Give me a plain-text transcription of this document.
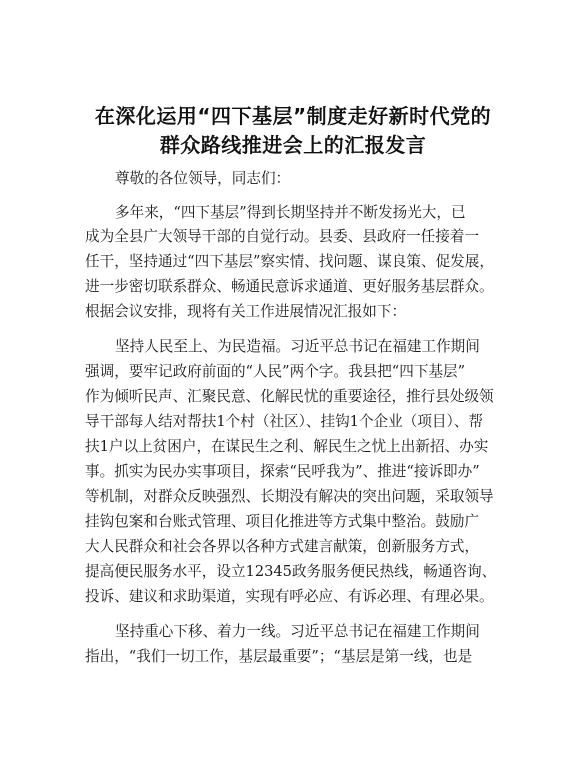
在深化运用“四下基层”制度走好新时代党的
群众路线推进会上的汇报发言

尊敬的各位领导，同志们：

多年来，“四下基层”得到长期坚持并不断发扬光大，已

成为全县广大领导干部的自觉行动。县委、县政府一任接着一

任干，坚持通过“四下基层”察实情、找问题、谋良策、促发展，

进一步密切联系群众、畅通民意诉求通道、更好服务基层群众。

根据会议安排，现将有关工作进展情况汇报如下：

坚持人民至上、为民造福。习近平总书记在福建工作期间

强调，要牢记政府前面的“人民”两个字。我县把“四下基层”

作为倾听民声、汇聚民意、化解民忧的重要途径，推行县处级领

导干部每人结对帮扶1个村（社区）、挂钩1个企业（项目）、帮

扶1户以上贫困户，在谋民生之利、解民生之忧上出新招、办实

事。抓实为民办实事项目，探索“民呼我为”、推进“接诉即办”

等机制，对群众反映强烈、长期没有解决的突出问题，采取领导

挂钩包案和台账式管理、项目化推进等方式集中整治。鼓励广

大人民群众和社会各界以各种方式建言献策，创新服务方式，

提高便民服务水平，设立12345政务服务便民热线，畅通咨询、

投诉、建议和求助渠道，实现有呼必应、有诉必理、有理必果。

坚持重心下移、着力一线。习近平总书记在福建工作期间

指出，“我们一切工作，基层最重要”；“基层是第一线，也是
